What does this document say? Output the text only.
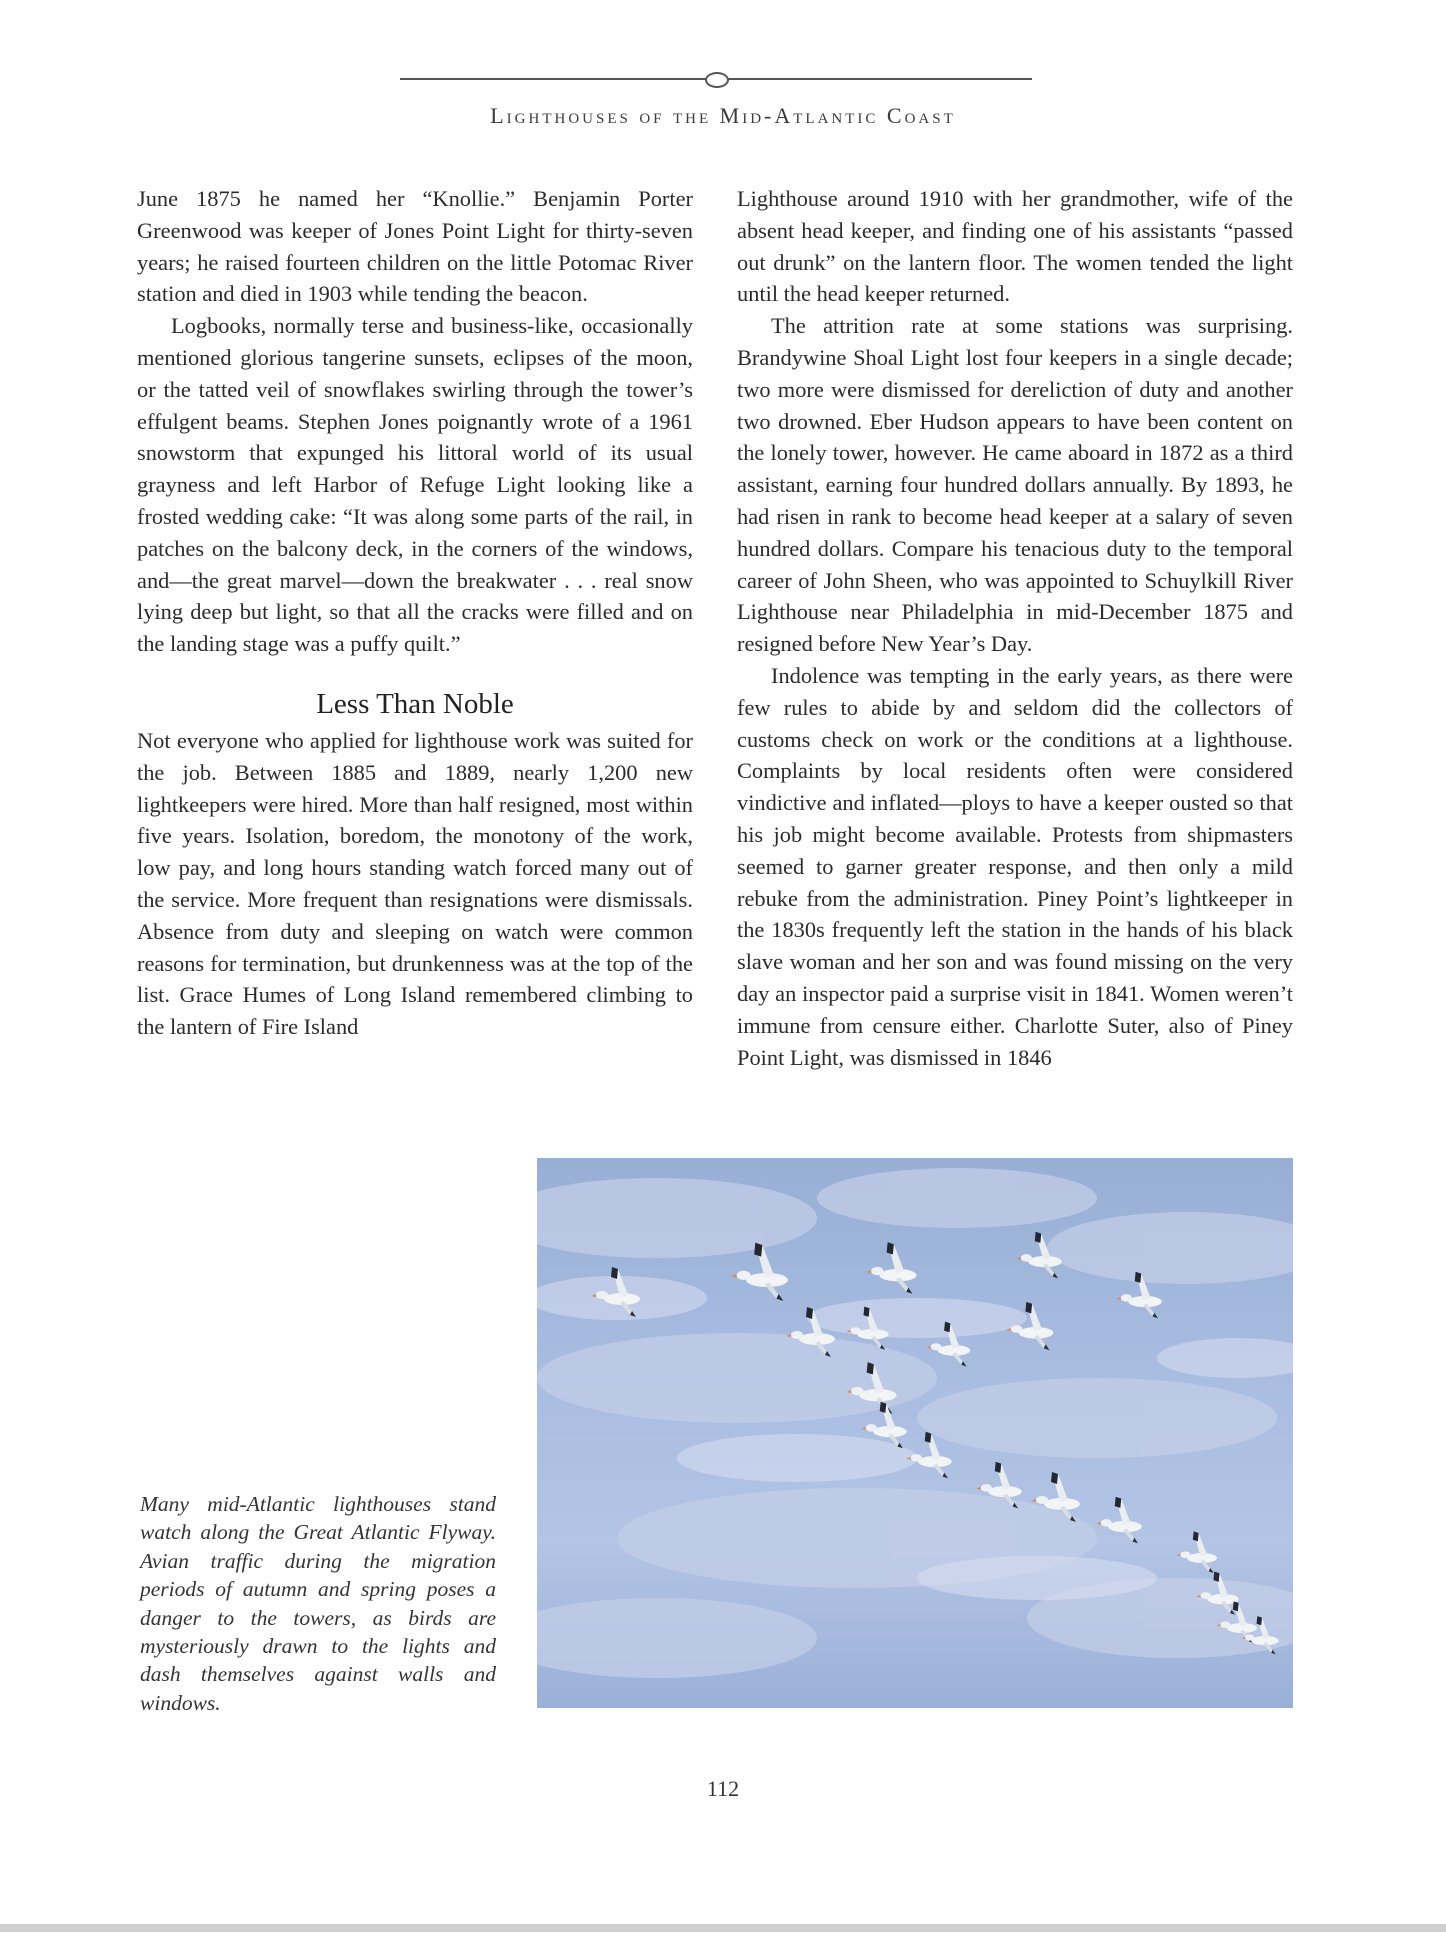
Lighthouses of the Mid-Atlantic Coast

June 1875 he named her “Knollie.” Benjamin Porter Greenwood was keeper of Jones Point Light for thirty-seven years; he raised fourteen children on the little Potomac River station and died in 1903 while tending the beacon.

Logbooks, normally terse and business-like, occasionally mentioned glorious tangerine sunsets, eclipses of the moon, or the tatted veil of snowflakes swirling through the tower’s effulgent beams. Stephen Jones poignantly wrote of a 1961 snowstorm that expunged his littoral world of its usual grayness and left Harbor of Refuge Light looking like a frosted wedding cake: “It was along some parts of the rail, in patches on the balcony deck, in the corners of the windows, and—the great marvel—down the breakwater . . . real snow lying deep but light, so that all the cracks were filled and on the landing stage was a puffy quilt.”

Less Than Noble

Not everyone who applied for lighthouse work was suited for the job. Between 1885 and 1889, nearly 1,200 new lightkeepers were hired. More than half resigned, most within five years. Isolation, boredom, the monotony of the work, low pay, and long hours standing watch forced many out of the service. More frequent than resignations were dismissals. Absence from duty and sleeping on watch were common reasons for termination, but drunkenness was at the top of the list. Grace Humes of Long Island remembered climbing to the lantern of Fire Island

Lighthouse around 1910 with her grandmother, wife of the absent head keeper, and finding one of his assistants “passed out drunk” on the lantern floor. The women tended the light until the head keeper returned.

The attrition rate at some stations was surprising. Brandywine Shoal Light lost four keepers in a single decade; two more were dismissed for dereliction of duty and another two drowned. Eber Hudson appears to have been content on the lonely tower, however. He came aboard in 1872 as a third assistant, earning four hundred dollars annually. By 1893, he had risen in rank to become head keeper at a salary of seven hundred dollars. Compare his tenacious duty to the temporal career of John Sheen, who was appointed to Schuylkill River Lighthouse near Philadelphia in mid-December 1875 and resigned before New Year’s Day.

Indolence was tempting in the early years, as there were few rules to abide by and seldom did the collectors of customs check on work or the conditions at a lighthouse. Complaints by local residents often were considered vindictive and inflated—ploys to have a keeper ousted so that his job might become available. Protests from shipmasters seemed to garner greater response, and then only a mild rebuke from the administration. Piney Point’s lightkeeper in the 1830s frequently left the station in the hands of his black slave woman and her son and was found missing on the very day an inspector paid a surprise visit in 1841. Women weren’t immune from censure either. Charlotte Suter, also of Piney Point Light, was dismissed in 1846

Many mid-Atlantic lighthouses stand watch along the Great Atlantic Flyway. Avian traffic during the migration periods of autumn and spring poses a danger to the towers, as birds are mysteriously drawn to the lights and dash themselves against walls and windows.
112
